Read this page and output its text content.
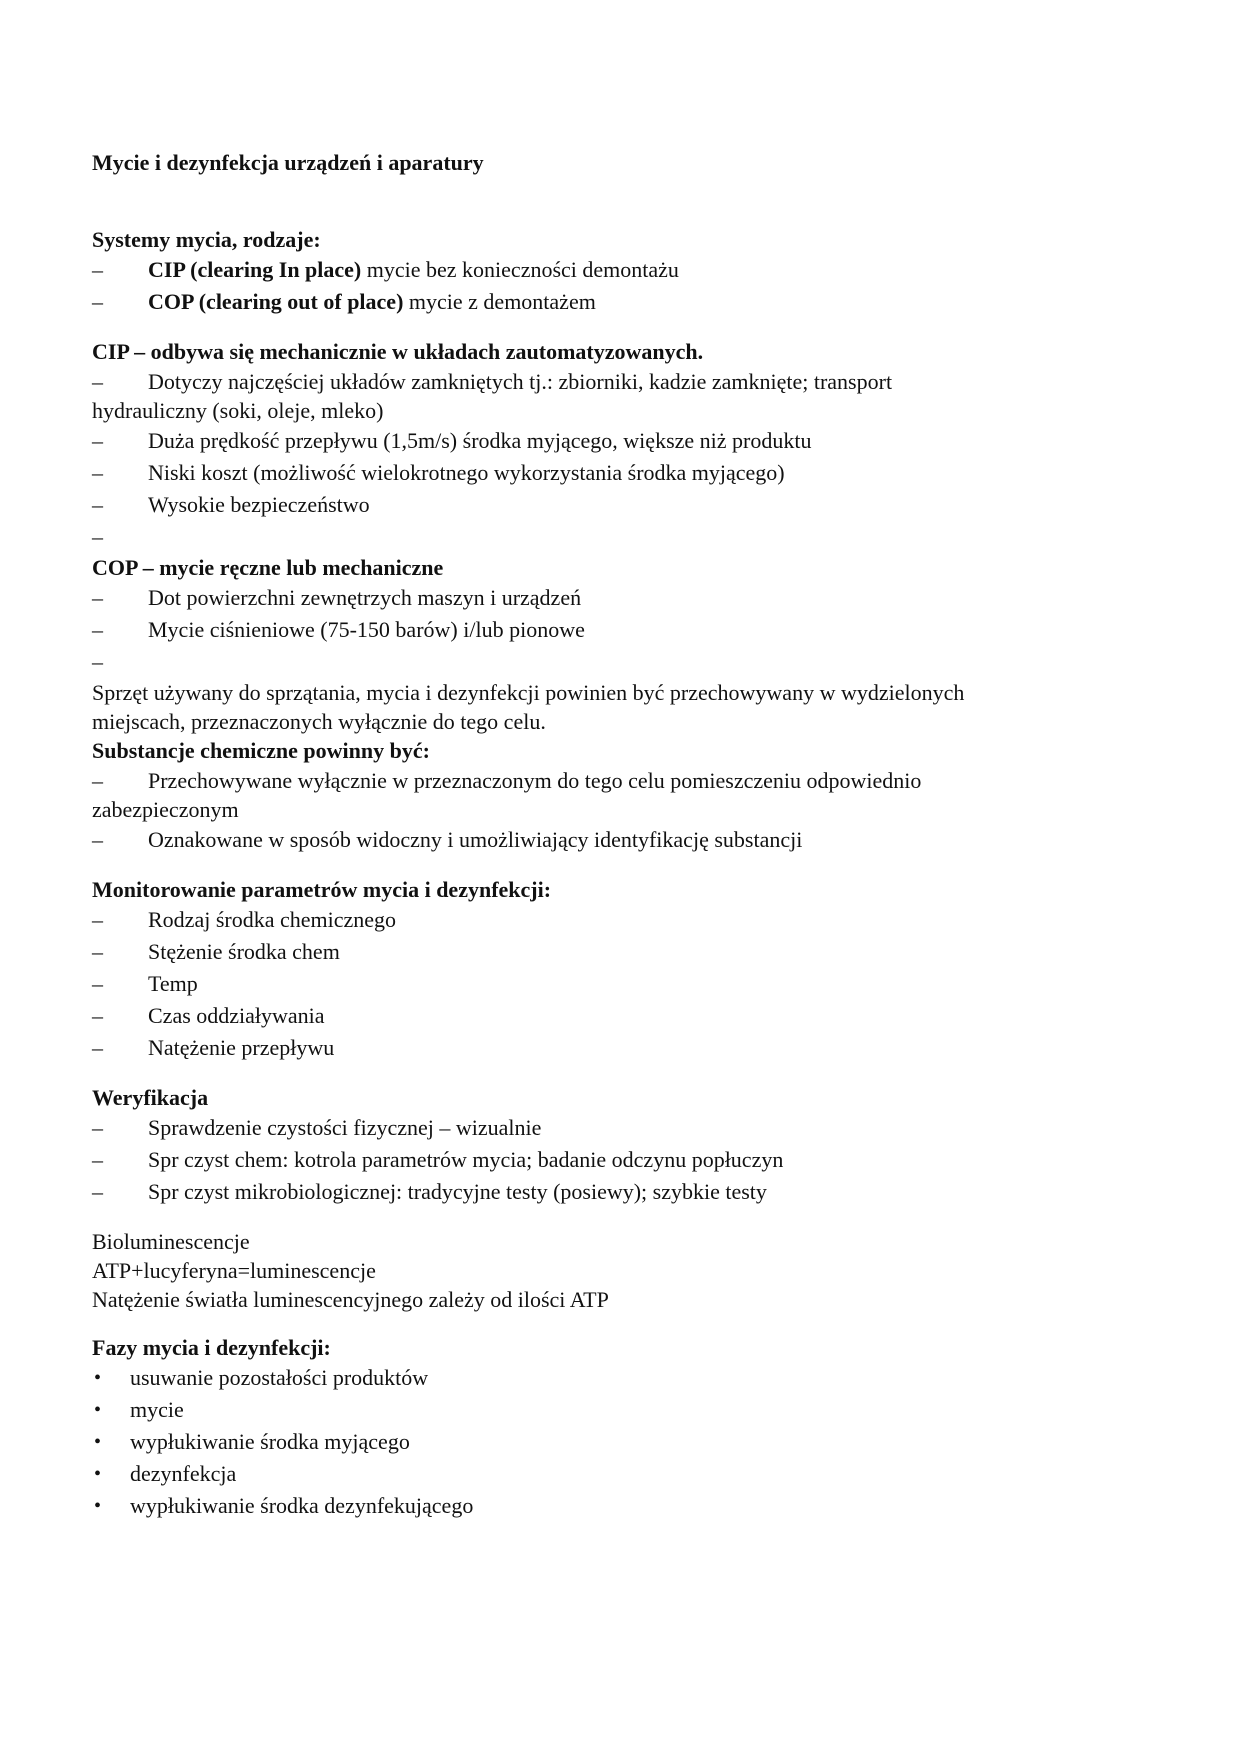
Mycie i dezynfekcja urządzeń i aparatury

Systemy mycia, rodzaje:

–	CIP (clearing In place) mycie bez konieczności demontażu

–	COP (clearing out of place) mycie z demontażem

CIP – odbywa się mechanicznie w układach zautomatyzowanych.

– Dotyczy najczęściej układów zamkniętych tj.: zbiorniki, kadzie zamknięte; transport
hydrauliczny (soki, oleje, mleko)

–	Duża prędkość przepływu (1,5m/s) środka myjącego, większe niż produktu

–	Niski koszt (możliwość wielokrotnego wykorzystania środka myjącego)

–	Wysokie bezpieczeństwo

–

COP – mycie ręczne lub mechaniczne

–	Dot powierzchni zewnętrzych maszyn i urządzeń

–	Mycie ciśnieniowe (75-150 barów) i/lub pionowe

–

Sprzęt używany do sprzątania, mycia i dezynfekcji powinien być przechowywany w wydzielonych
miejscach, przeznaczonych wyłącznie do tego celu.

Substancje chemiczne powinny być:

– Przechowywane wyłącznie w przeznaczonym do tego celu pomieszczeniu odpowiednio
zabezpieczonym

–	Oznakowane w sposób widoczny i umożliwiający identyfikację substancji

Monitorowanie parametrów mycia i dezynfekcji:

–	Rodzaj środka chemicznego

–	Stężenie środka chem

–	Temp

–	Czas oddziaływania

–	Natężenie przepływu

Weryfikacja

–	Sprawdzenie czystości fizycznej – wizualnie

–	Spr czyst chem: kotrola parametrów mycia; badanie odczynu popłuczyn

–	Spr czyst mikrobiologicznej: tradycyjne testy (posiewy); szybkie testy

Bioluminescencje
ATP+lucyferyna=luminescencje
Natężenie światła luminescencyjnego zależy od ilości ATP

Fazy mycia i dezynfekcji:

•	usuwanie pozostałości produktów

•	mycie

•	wypłukiwanie środka myjącego

•	dezynfekcja

•	wypłukiwanie środka dezynfekującego
